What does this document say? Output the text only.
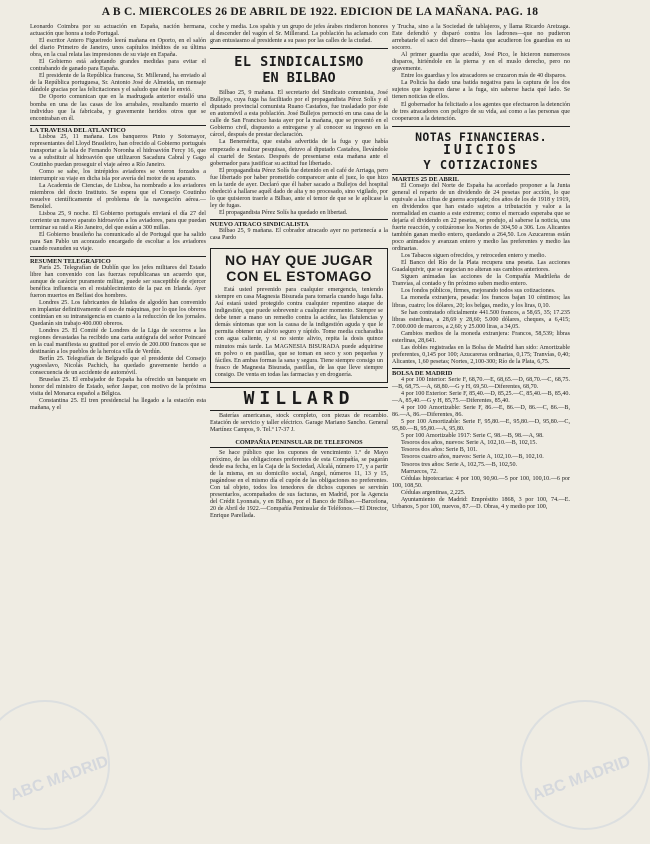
A B C. MIERCOLES 26 DE ABRIL DE 1922. EDICION DE LA MAÑANA. PAG. 18
ABC MADRID	ABC MADRID

Leonardo Coimbra por su actuación en España, nación hermana, actuación que honra a todo Portugal.

El escritor Antero Figueiredo leerá mañana en Oporto, en el salón del diario Primeiro de Janeiro, unos capítulos inéditos de su última obra, en la cual relata las impresiones de su viaje en España.

El Gobierno está adoptando grandes medidas para evitar el contrabando de ganado para España.

El presidente de la República francesa, Sr. Millerand, ha enviado al de la República portuguesa, Sr. Antonio José de Almeida, un mensaje dándole gracias por las felicitaciones y el saludo que éste le envió.

De Oporto comunican que en la madrugada anterior estalló una bomba en una de las casas de los arrabales, resultando muerto el individuo que la fabricaba, y gravemente heridos otros que se encontraban en él.

LA TRAVESIA DEL ATLANTICO

Lisboa 25, 11 mañana. Los banqueros Pinto y Sotomayor, representantes del Lloyd Brasileiro, han ofrecido al Gobierno portugués transportar a la isla de Fernando Noronha el hidroavión Fercy 16, que va a substituir al hidroavión que utilizaron Sacadura Cabral y Gago Coutinho puedan proseguir el viaje aéreo a Río Janeiro.

Como se sabe, los intrépidos aviadores se vieron forzados a interrumpir su viaje en dicha isla por avería del motor de su aparato.

La Academia de Ciencias, de Lisboa, ha nombrado a los aviadores miembros del docto Instituto. Se espera que el Consejo Coutinho resuelve científicamente el problema de la navegación aérea.—Benoliel.

Lisboa 25, 9 noche. El Gobierno portugués enviará el día 27 del corriente un nuevo aparato hidroavión a los aviadores, para que puedan terminar su raid a Río Janeiro, del que están a 300 millas.

El Gobierno brasileño ha comunicado al de Portugal que ha salido para San Pablo un acorazado encargado de escoltar a los aviadores cuando reanuden su viaje.

RESUMEN TELEGRAFICO

París 25. Telegrafían de Dublín que los jefes militares del Estado libre han convenido con las fuerzas republicanas un acuerdo que, aunque de carácter puramente militar, puede ser susceptible de ejercer benéfica influencia en el restablecimiento de la paz en Irlanda. Ayer fueron muertos en Belfast dos hombres.

Londres 25. Los fabricantes de hilados de algodón han convenido en implantar definitivamente el uso de máquinas, por lo que los obreros continúan en su intransigencia en cuanto a la reducción de los jornales. Quedarán sin trabajo 400.000 obreros.

Londres 25. El Comité de Londres de la Liga de socorros a las regiones devastadas ha recibido una carta autógrafa del señor Poincaré en la cual manifiesta su gratitud por el envío de 200.000 francos que se destinarán a los pueblos de la heroica villa de Verdún.

Berlín 25. Telegrafían de Belgrado que el presidente del Consejo yugoeslavo, Nicolás Pachich, ha quedado gravemente herido a consecuencia de un accidente de automóvil.

Bruselas 25. El embajador de España ha ofrecido un banquete en honor del ministro de Estado, señor Jaspar, con motivo de la próxima visita del Monarca español a Bélgica.

Constantina 25. El tren presidencial ha llegado a la estación esta mañana, y el

coche y media. Los spahis y un grupo de jefes árabes rindieron honores al descender del vagón el Sr. Millerand. La población ha aclamado con gran entusiasmo al presidente a su paso por las calles de la ciudad.

EL SINDICALISMO
EN BILBAO

Bilbao 25, 9 mañana. El secretario del Sindicato comunista, José Bullejos, cuya fuga ha facilitado por el propagandista Pérez Solís y el diputado provincial comunista Ruano Castaños, fue trasladado por éste en automóvil a esta población. José Bullejos pernoctó en una casa de la calle de San Francisco hasta ayer por la mañana, que se presentó en el Gobierno civil, dispuesto a entregarse y al conocer su ingreso en la cárcel, después de prestar declaración.

La Benemérita, que estaba advertida de la fuga y que había empezado a realizar pesquisas, detuvo al diputado Castaños, llevándole al cuartel de Sestao. Después de presentarse esta mañana ante el gobernador para justificar su actitud fue libertado.

El propagandista Pérez Solís fue detenido en el café de Arriaga, pero fue libertado por haber prometido comparecer ante el juez, lo que hizo en la tarde de ayer. Declaró que él haber sacado a Bullejos del hospital obedeció a hallarse aquél dado de alta y no procesado, sino vigilado, por lo que quisieron traerle a Bilbao, ante el temor de que se le aplicase la ley de fugas.

El propagandista Pérez Solís ha quedado en libertad.

NUEVO ATRACO SINDICALISTA

Bilbao 25, 9 mañana. El cobrador atracado ayer no pertenecía a la casa Pardo

NO HAY QUE JUGAR
CON EL ESTOMAGO

Está usted prevenido para cualquier emergencia, teniendo siempre en casa Magnesia Bisurada para tomarla cuando haga falta. Así estará usted protegido contra cualquier repentino ataque de indigestión, que puede sobrevenir a cualquier momento. Siempre se debe tener a mano un remedio contra la acidez, las flatulencias y demás síntomas que son la causa de la indigestión aguda y que le permita obtener un alivio seguro y rápido. Tome media cucharadita con agua caliente, y si no siente alivio, repita la dosis quince minutos más tarde. La MAGNESIA BISURADA puede adquirirse en polvo o en pastillas, que se toman en seco y son pequeñas y fáciles. En ambas formas la sana y segura. Tiene siempre consigo un frasco de Magnesia Bisurada, pastillas, de las que lleve siempre consigo. De venta en todas las farmacias y en droguería.

WILLARD

Baterías americanas, stock completo, con piezas de recambio. Estación de servicio y taller eléctrico. Garage Mariano Sancho. General Martínez Campos, 9. Tel.º 17-37 J.

COMPAÑIA PENINSULAR DE TELEFONOS

Se hace público que los cupones de vencimiento 1.º de Mayo próximo, de las obligaciones preferentes de esta Compañía, se pagarán desde esa fecha, en la Caja de la Sociedad, Alcalá, número 17, y a partir de la misma, en su domicilio social, Angel, números 11, 13 y 15, pagándose en el mismo día el cupón de las obligaciones no preferentes. Con tal objeto, todos los tenedores de dichos cupones se servirán presentarlos, acompañados de sus facturas, en Madrid, por la Agencia del Crédit Lyonnais, y en Bilbao, por el Banco de Bilbao.—Barcelona, 20 de Abril de 1922.—Compañía Peninsular de Teléfonos.—El Director, Enrique Parellada.

y Trucha, sino a la Sociedad de tablajeros, y llama Ricardo Areizaga. Este defendió y disparó contra los ladrones—que no pudieron arrebatarle el saco del dinero—hasta que acudieron los guardias en su socorro.

Al primer guardia que acudió, José Pico, le hicieron numerosos disparos, hiriéndole en la pierna y en el muslo derecho, pero no gravemente.

Entre los guardias y los atracadores se cruzaron más de 40 disparos.

La Policía ha dado una batida negativa para la captura de los dos sujetos que lograron darse a la fuga, sin saberse hacia qué lado. Se tienen noticias de ellos.

El gobernador ha felicitado a los agentes que efectuaron la detención de tres atracadores con peligro de su vida, así como a las personas que cooperaron a la detención.

NOTAS FINANCIERAS.
IUICIOS
Y COTIZACIONES
MARTES 25 DE ABRIL

El Consejo del Norte de España ha acordado proponer a la Junta general el reparto de un dividendo de 24 pesetas por acción, lo que equivale a las cifras de guerra aceptado; dos años de los de 1918 y 1919, en dividendos que han estado sujetos a tributación y valor a la normalidad en cuanto a este extremo; como el mercado esperaba que se dejaría el dividendo en 22 pesetas, se produjo, al saberse la noticia, una fuerte reacción, y cotizáronse los Nortes de 304,50 a 306. Los Alicantes también ganan medio entero, quedando a 264,50. Los Azucareras están poco animados y avanzan entero y medio las preferentes y medio las ordinarias.

Los Tabacos siguen ofrecidos, y retroceden entero y medio.

El Banco del Río de la Plata recupera una peseta. Las acciones Guadalquivir, que se negocian no alteran sus cambios anteriores.

Siguen animadas las acciones de la Compañía Madrileña de Tranvías, al contado y fin próximo suben medio entero.

Los fondos públicos, firmes, mejorando todos sus cotizaciones.

La moneda extranjera, pesada: los francos bajan 10 céntimos; las libras, cuatro; los dólares, 20; los belgas, medio, y los liras, 0,10.

Se han contratado oficialmente 441.500 francos, a 58,65, 35; 17.235 libras esterlinas, a 28,69 y 28,60; 5.000 dólares, cheques, a 6,415; 7.000.000 de marcos, a 2,60; y 25.000 liras, a 34,05.

Cambios medios de la moneda extranjera: Francos, 58,539; libras esterlinas, 28,641.

Las dobles registradas en la Bolsa de Madrid han sido: Amortizable preferentes, 0,145 por 100; Azucareras ordinarias, 0,175; Tranvías, 0,40; Alicantes, 1,60 pesetas; Nortes, 2,100-300; Río de la Plata, 6,75.

BOLSA DE MADRID

4 por 100 Interior: Serie F, 68,70.—E, 68,65.—D, 68,70.—C, 68,75.—B, 68,75.—A, 68,80.—G y H, 69,50.—Diferentes, 68,70.

4 por 100 Exterior: Serie F, 85,40.—D, 85,25.—C, 85,40.—B, 85,40.—A, 85,40.—G y H, 85,75.—Diferentes, 85,40.

4 por 100 Amortizable: Serie F, 86.—E, 86.—D, 86.—C, 86.—B, 86.—A, 86.—Diferentes, 86.

5 por 100 Amortizable: Serie F, 95,80.—E, 95,80.—D, 95,80.—C, 95,80.—B, 95,80.—A, 95,80.

5 por 100 Amortizable 1917: Serie C, 98.—B, 98.—A, 98.

Tesoros dos años, nuevos: Serie A, 102,10.—B, 102,15.

Tesoros dos años: Serie B, 101.

Tesoros cuatro años, nuevos: Serie A, 102,10.—B, 102,10.

Tesoros tres años: Serie A, 102,75.—B, 102,50.

Marruecos, 72.

Cédulas hipotecarias: 4 por 100, 90,90.—5 por 100, 100,10.—6 por 100, 108,50.

Cédulas argentinas, 2,225.

Ayuntamiento de Madrid: Empréstito 1868, 3 por 100, 74.—E. Urbanos, 5 por 100, nuevos, 87.—D. Obras, 4 y medio por 100,
